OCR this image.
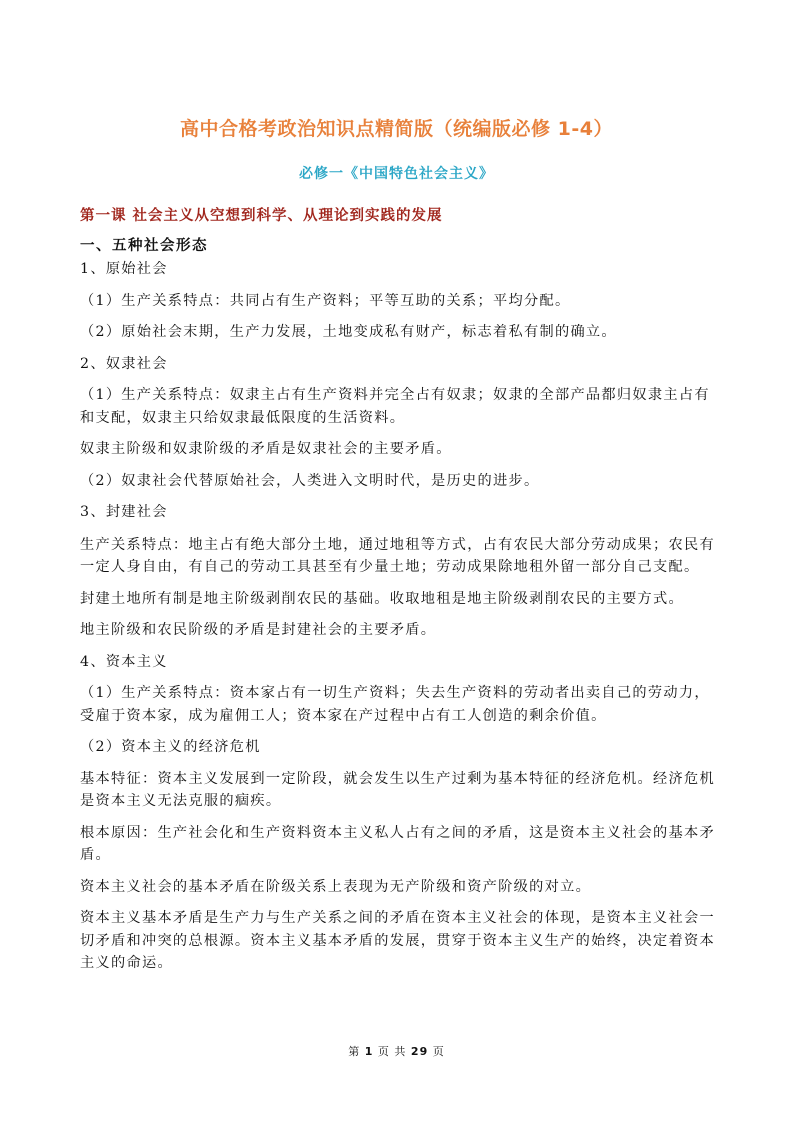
高中合格考政治知识点精简版（统编版必修 1-4）
必修一《中国特色社会主义》
第一课 社会主义从空想到科学、从理论到实践的发展
一、五种社会形态

1、原始社会

（1）生产关系特点：共同占有生产资料；平等互助的关系；平均分配。

（2）原始社会末期，生产力发展，土地变成私有财产，标志着私有制的确立。

2、奴隶社会

（1）生产关系特点：奴隶主占有生产资料并完全占有奴隶；奴隶的全部产品都归奴隶主占有和支配，奴隶主只给奴隶最低限度的生活资料。

奴隶主阶级和奴隶阶级的矛盾是奴隶社会的主要矛盾。

（2）奴隶社会代替原始社会，人类进入文明时代，是历史的进步。

3、封建社会

生产关系特点：地主占有绝大部分土地，通过地租等方式，占有农民大部分劳动成果；农民有一定人身自由，有自己的劳动工具甚至有少量土地；劳动成果除地租外留一部分自己支配。

封建土地所有制是地主阶级剥削农民的基础。收取地租是地主阶级剥削农民的主要方式。

地主阶级和农民阶级的矛盾是封建社会的主要矛盾。

4、资本主义

（1）生产关系特点：资本家占有一切生产资料；失去生产资料的劳动者出卖自己的劳动力，受雇于资本家，成为雇佣工人；资本家在产过程中占有工人创造的剩余价值。

（2）资本主义的经济危机

基本特征：资本主义发展到一定阶段，就会发生以生产过剩为基本特征的经济危机。经济危机是资本主义无法克服的痼疾。

根本原因：生产社会化和生产资料资本主义私人占有之间的矛盾，这是资本主义社会的基本矛盾。

资本主义社会的基本矛盾在阶级关系上表现为无产阶级和资产阶级的对立。

资本主义基本矛盾是生产力与生产关系之间的矛盾在资本主义社会的体现，是资本主义社会一切矛盾和冲突的总根源。资本主义基本矛盾的发展，贯穿于资本主义生产的始终，决定着资本主义的命运。

第 1 页 共 29 页
